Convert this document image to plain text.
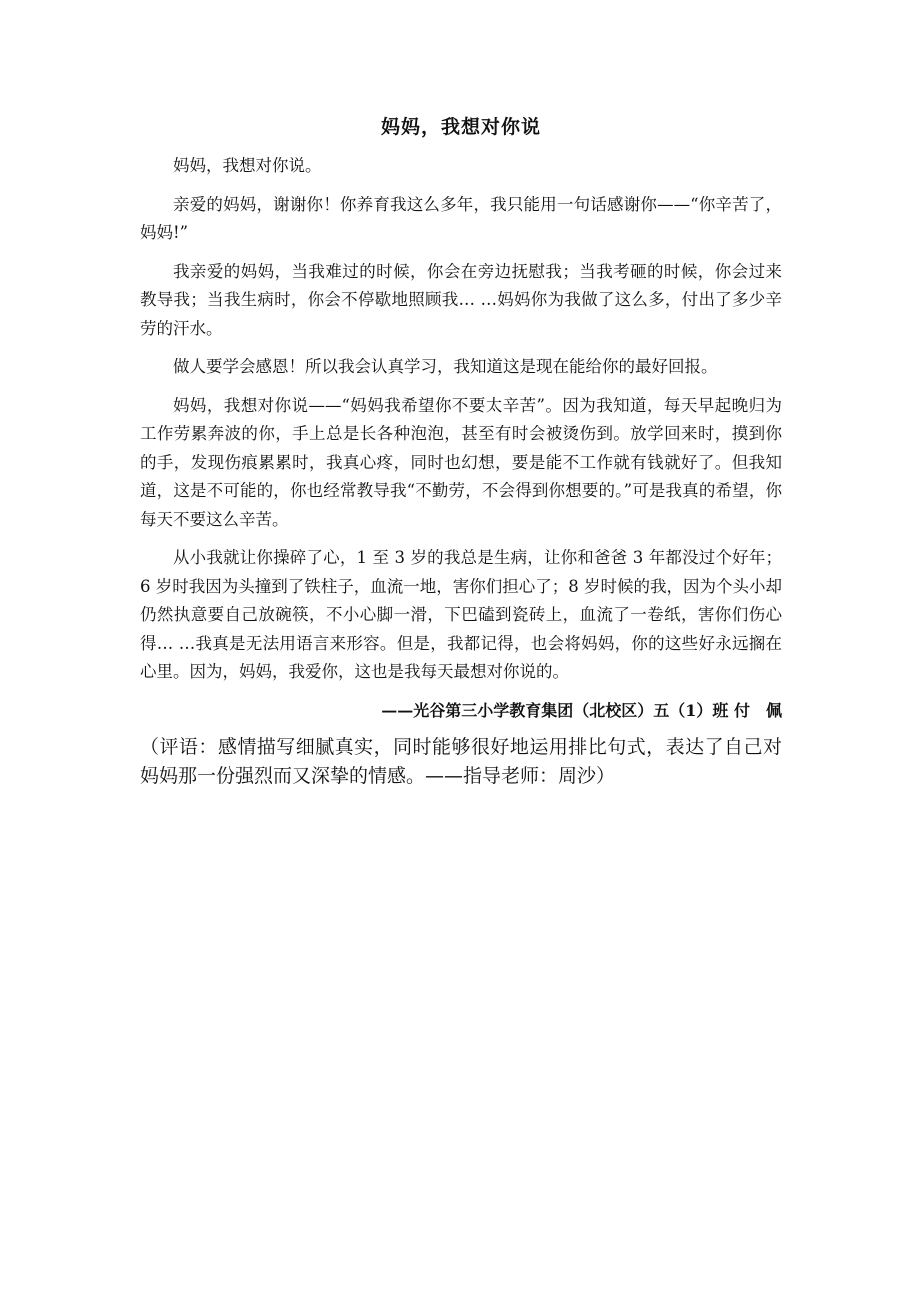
妈妈，我想对你说

妈妈，我想对你说。

亲爱的妈妈，谢谢你！你养育我这么多年，我只能用一句话感谢你——“你辛苦了，妈妈!”

我亲爱的妈妈，当我难过的时候，你会在旁边抚慰我；当我考砸的时候，你会过来教导我；当我生病时，你会不停歇地照顾我… …妈妈你为我做了这么多，付出了多少辛劳的汗水。

做人要学会感恩！所以我会认真学习，我知道这是现在能给你的最好回报。

妈妈，我想对你说——“妈妈我希望你不要太辛苦”。因为我知道，每天早起晚归为工作劳累奔波的你，手上总是长各种泡泡，甚至有时会被烫伤到。放学回来时，摸到你的手，发现伤痕累累时，我真心疼，同时也幻想，要是能不工作就有钱就好了。但我知道，这是不可能的，你也经常教导我“不勤劳，不会得到你想要的。”可是我真的希望，你每天不要这么辛苦。

从小我就让你操碎了心，1 至 3 岁的我总是生病，让你和爸爸 3 年都没过个好年；6 岁时我因为头撞到了铁柱子，血流一地，害你们担心了；8 岁时候的我，因为个头小却仍然执意要自己放碗筷，不小心脚一滑，下巴磕到瓷砖上，血流了一卷纸，害你们伤心得… …我真是无法用语言来形容。但是，我都记得，也会将妈妈，你的这些好永远搁在心里。因为，妈妈，我爱你，这也是我每天最想对你说的。

——光谷第三小学教育集团（北校区）五（1）班 付　佩

（评语：感情描写细腻真实，同时能够很好地运用排比句式，表达了自己对妈妈那一份强烈而又深挚的情感。——指导老师：周沙）
